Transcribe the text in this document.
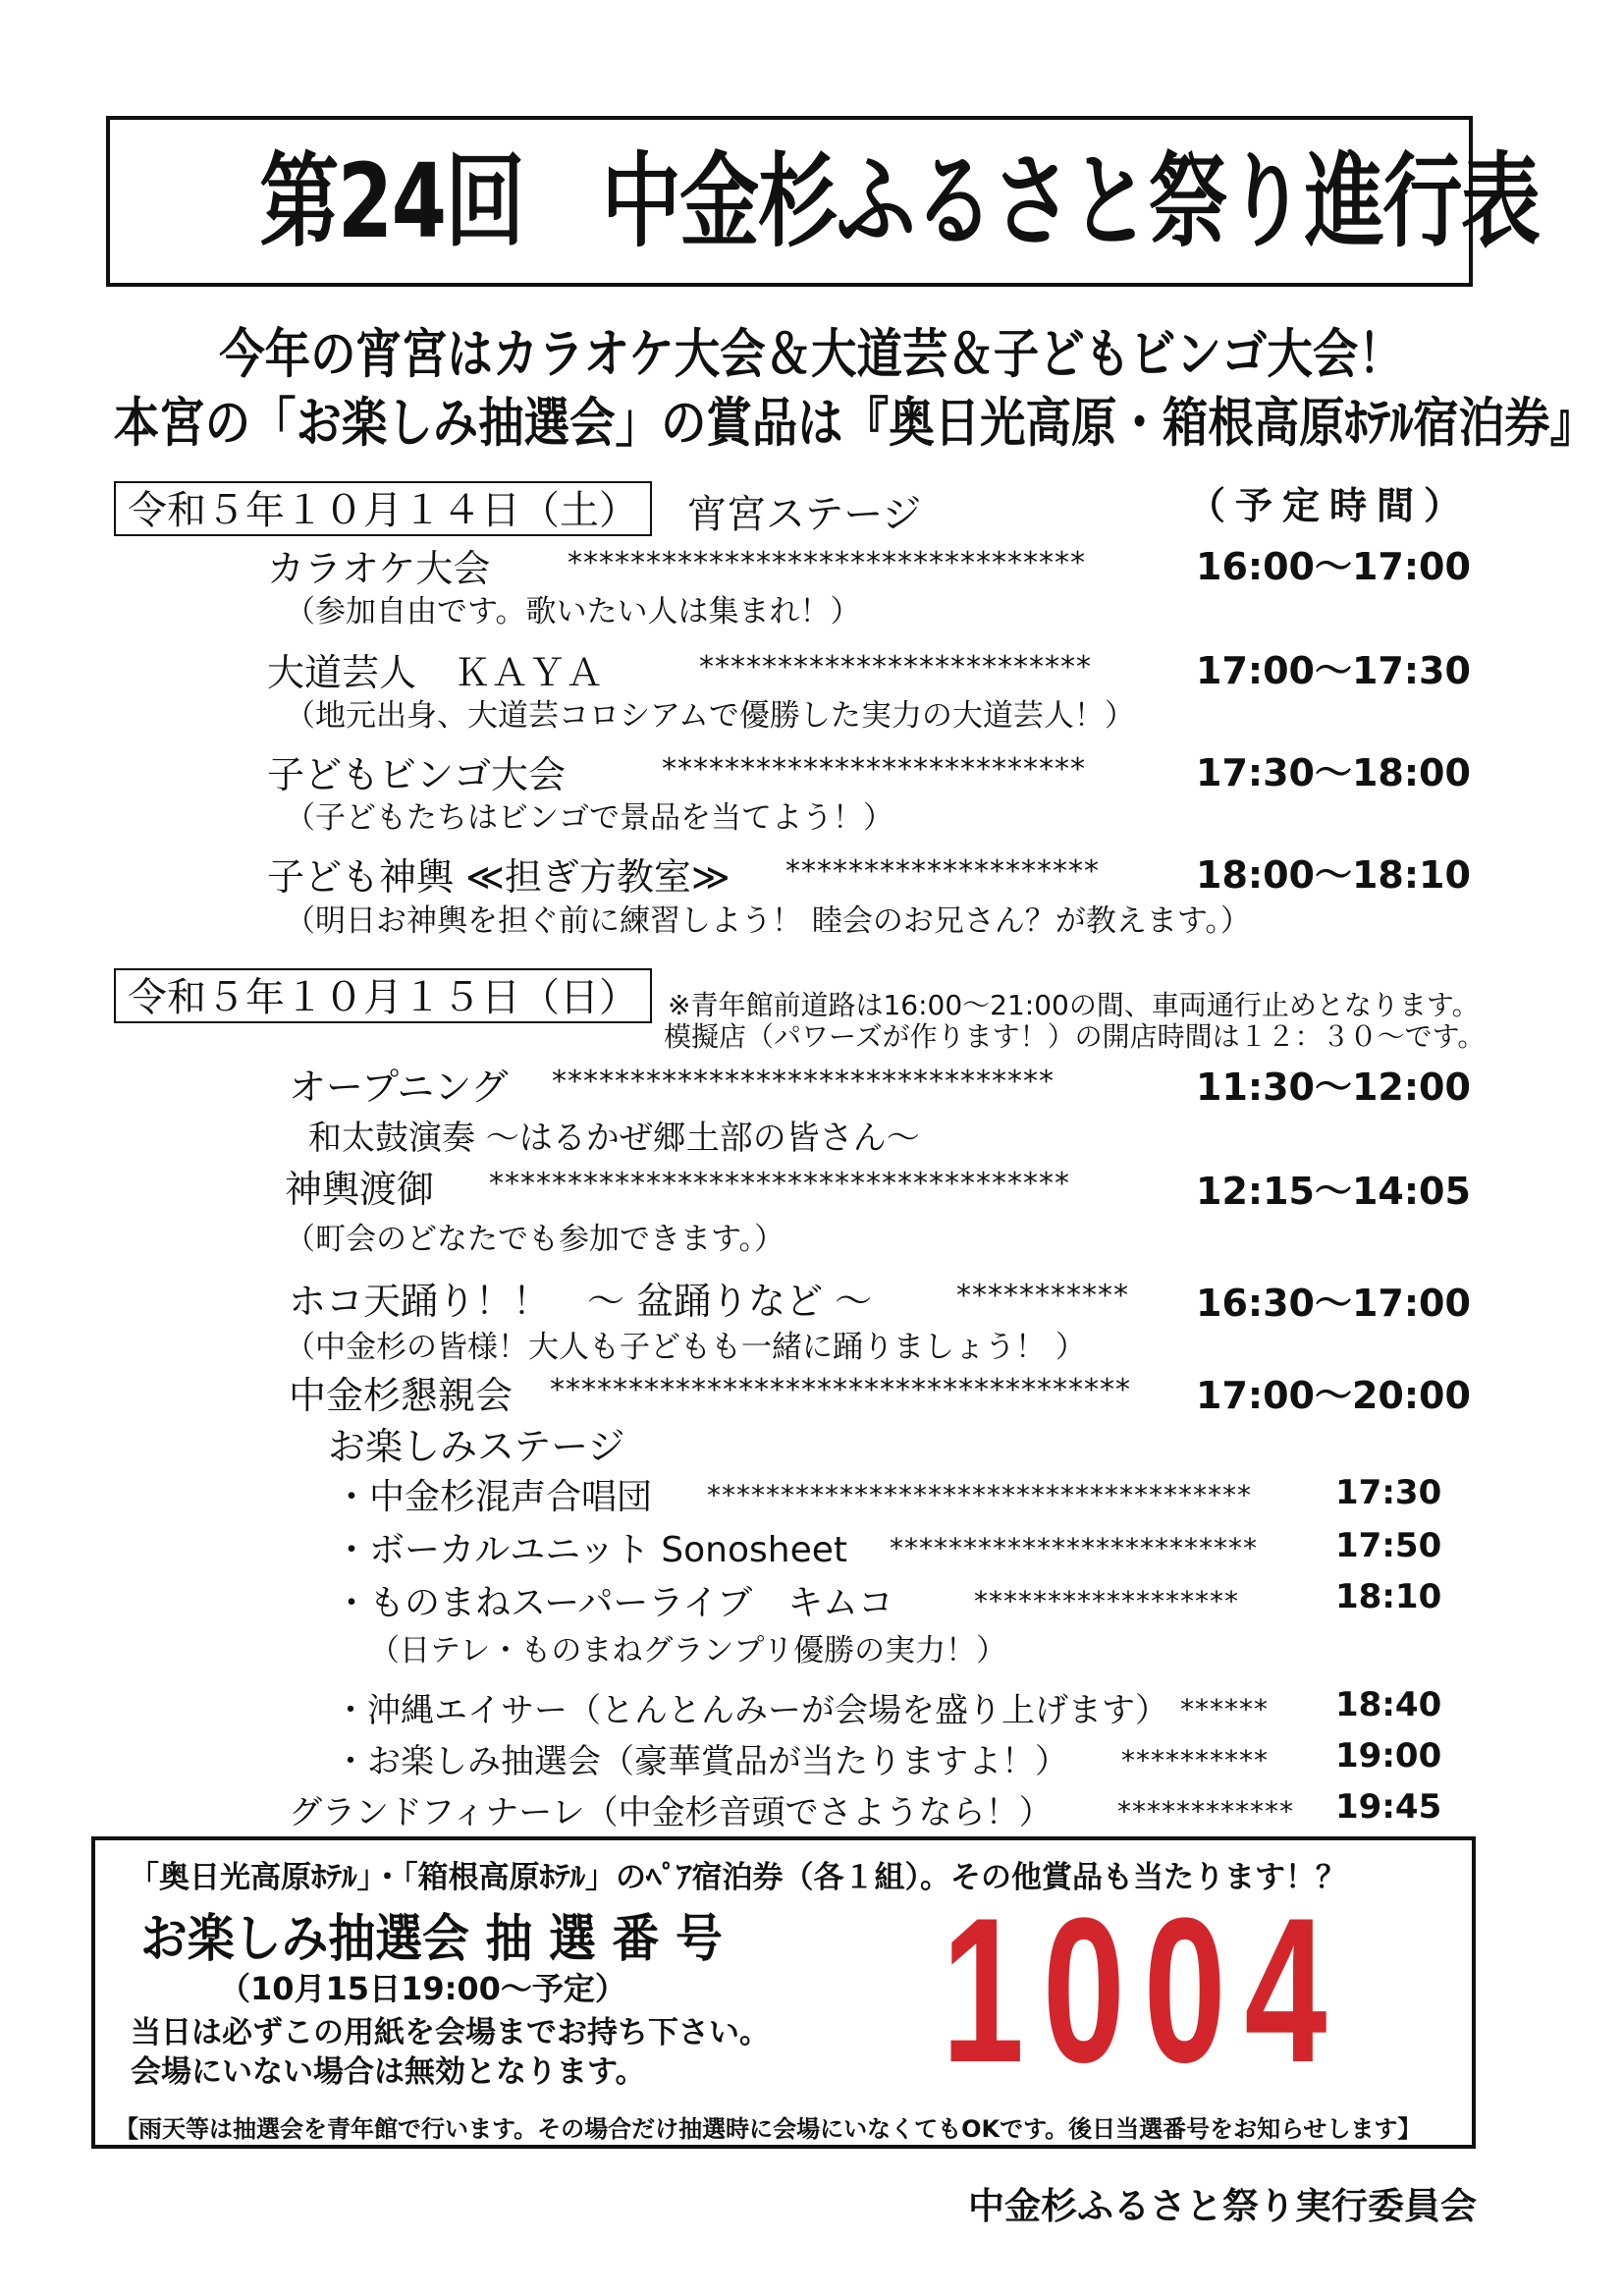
第24回　中金杉ふるさと祭り進行表
今年の宵宮はカラオケ大会＆大道芸＆子どもビンゴ大会！
本宮の「お楽しみ抽選会」の賞品は『奥日光高原・箱根高原ﾎﾃﾙ宿泊券』
令和５年１０月１４日（土）	宵宮ステージ	（予定時間）
カラオケ大会	*********************************	16:00～17:00
（参加自由です。歌いたい人は集まれ！）
大道芸人　ＫＡＹＡ	*************************	17:00～17:30
（地元出身、大道芸コロシアムで優勝した実力の大道芸人！）
子どもビンゴ大会	***************************	17:30～18:00
（子どもたちはビンゴで景品を当てよう！）
子ども神輿 ≪担ぎ方教室≫ ********************	18:00～18:10
（明日お神輿を担ぐ前に練習しよう！ 睦会のお兄さん？が教えます。）
令和５年１０月１５日（日）	※青年館前道路は16:00～21:00の間、車両通行止めとなります。
模擬店（パワーズが作ります！）の開店時間は１２：３０～です。
オープニング ********************************	11:30～12:00
和太鼓演奏 ～はるかぜ郷土部の皆さん～
神輿渡御 *************************************	12:15～14:05
（町会のどなたでも参加できます。）
ホコ天踊り！！　～ 盆踊りなど ～	*********** 16:30～17:00
（中金杉の皆様！大人も子どもも一緒に踊りましょう！ ）
中金杉懇親会 ************************************* 17:00～20:00
お楽しみステージ
・中金杉混声合唱団 *************************************	17:30
・ボーカルユニット Sonosheet ************************* 17:50
・ものまねスーパーライブ　キムコ	******************	18:10
（日テレ・ものまねグランプリ優勝の実力！）
・沖縄エイサー（とんとんみーが会場を盛り上げます） ****** 18:40
・お楽しみ抽選会（豪華賞品が当たりますよ！） ********** 19:00
グランドフィナーレ（中金杉音頭でさようなら！） ************ 19:45
「奥日光高原ﾎﾃﾙ」・「箱根高原ﾎﾃﾙ」のﾍﾟｱ宿泊券（各１組）。その他賞品も当たります！？
お楽しみ抽選会 抽 選 番 号
（10月15日19:00～予定）
当日は必ずこの用紙を会場までお持ち下さい。
会場にいない場合は無効となります。 1004
【雨天等は抽選会を青年館で行います。その場合だけ抽選時に会場にいなくてもOKです。後日当選番号をお知らせします】
中金杉ふるさと祭り実行委員会
